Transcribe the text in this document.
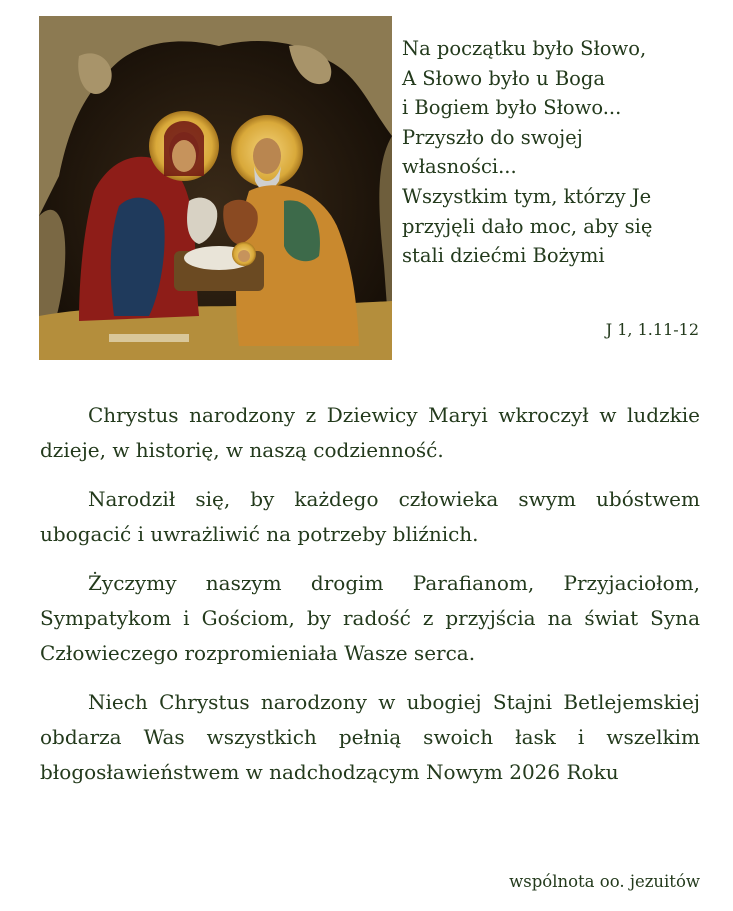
Na początku było Słowo,
A Słowo było u Boga
i Bogiem było Słowo...
Przyszło do swojej
własności...
Wszystkim tym, którzy Je
przyjęli dało moc, aby się
stali dziećmi Bożymi
J 1, 1.11-12

Chrystus narodzony z Dziewicy Maryi wkroczył w ludzkie dzieje, w historię, w naszą codzienność.

Narodził się, by każdego człowieka swym ubóstwem ubogacić i uwrażliwić na potrzeby bliźnich.

Życzymy naszym drogim Parafianom, Przyjaciołom, Sympatykom i Gościom, by radość z przyjścia na świat Syna Człowieczego rozpromieniała Wasze serca.

Niech Chrystus narodzony w ubogiej Stajni Betlejemskiej obdarza Was wszystkich pełnią swoich łask i wszelkim błogosławieństwem w nadchodzącym Nowym 2026 Roku

wspólnota oo. jezuitów
